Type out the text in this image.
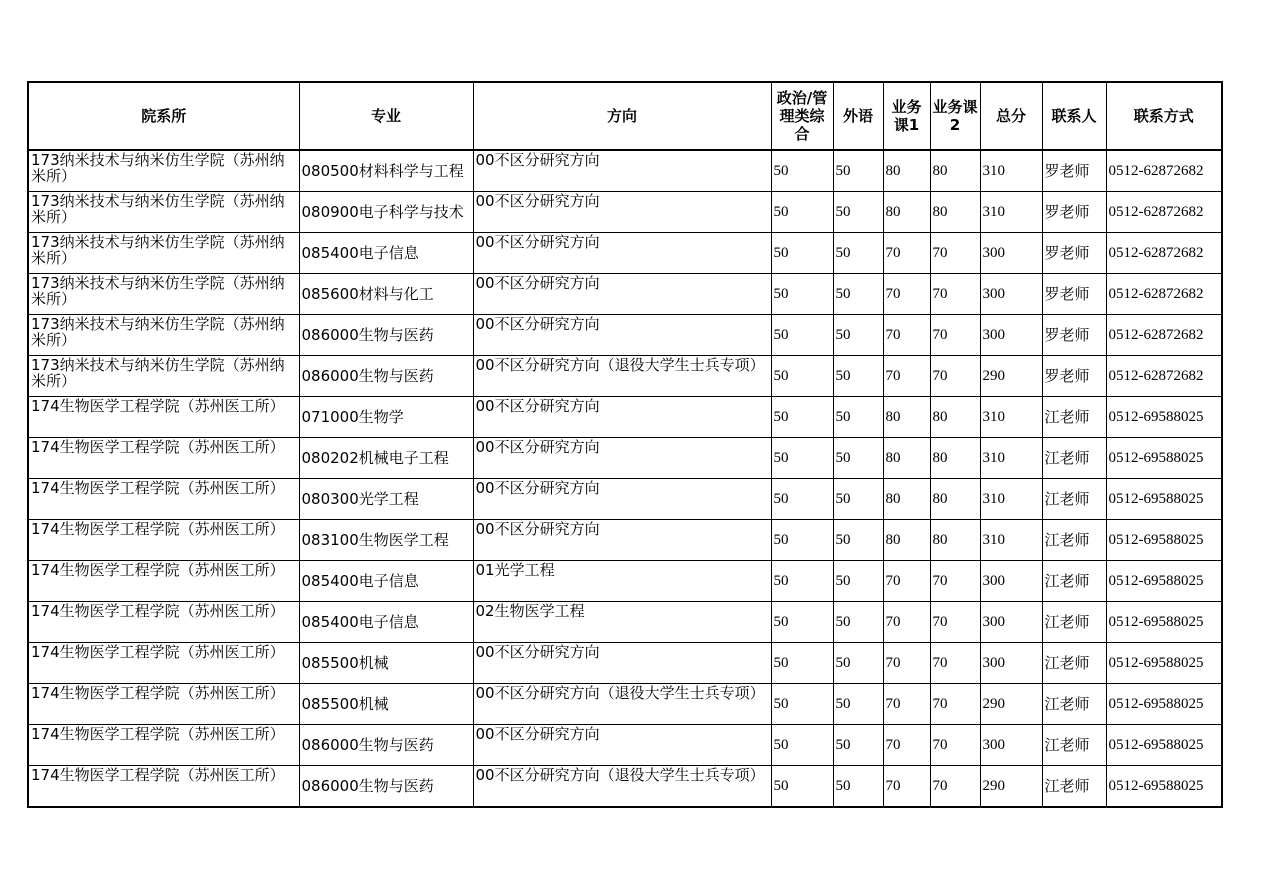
院系所	专业	方向	政治/管理类综合	外语	业务课1	业务课2	总分	联系人	联系方式
173纳米技术与纳米仿生学院（苏州纳米所）	080500材料科学与工程	00不区分研究方向	50	50	80	80	310	罗老师	0512-62872682
173纳米技术与纳米仿生学院（苏州纳米所）	080900电子科学与技术	00不区分研究方向	50	50	80	80	310	罗老师	0512-62872682
173纳米技术与纳米仿生学院（苏州纳米所）	085400电子信息	00不区分研究方向	50	50	70	70	300	罗老师	0512-62872682
173纳米技术与纳米仿生学院（苏州纳米所）	085600材料与化工	00不区分研究方向	50	50	70	70	300	罗老师	0512-62872682
173纳米技术与纳米仿生学院（苏州纳米所）	086000生物与医药	00不区分研究方向	50	50	70	70	300	罗老师	0512-62872682
173纳米技术与纳米仿生学院（苏州纳米所）	086000生物与医药	00不区分研究方向（退役大学生士兵专项）	50	50	70	70	290	罗老师	0512-62872682
174生物医学工程学院（苏州医工所）	071000生物学	00不区分研究方向	50	50	80	80	310	江老师	0512-69588025
174生物医学工程学院（苏州医工所）	080202机械电子工程	00不区分研究方向	50	50	80	80	310	江老师	0512-69588025
174生物医学工程学院（苏州医工所）	080300光学工程	00不区分研究方向	50	50	80	80	310	江老师	0512-69588025
174生物医学工程学院（苏州医工所）	083100生物医学工程	00不区分研究方向	50	50	80	80	310	江老师	0512-69588025
174生物医学工程学院（苏州医工所）	085400电子信息	01光学工程	50	50	70	70	300	江老师	0512-69588025
174生物医学工程学院（苏州医工所）	085400电子信息	02生物医学工程	50	50	70	70	300	江老师	0512-69588025
174生物医学工程学院（苏州医工所）	085500机械	00不区分研究方向	50	50	70	70	300	江老师	0512-69588025
174生物医学工程学院（苏州医工所）	085500机械	00不区分研究方向（退役大学生士兵专项）	50	50	70	70	290	江老师	0512-69588025
174生物医学工程学院（苏州医工所）	086000生物与医药	00不区分研究方向	50	50	70	70	300	江老师	0512-69588025
174生物医学工程学院（苏州医工所）	086000生物与医药	00不区分研究方向（退役大学生士兵专项）	50	50	70	70	290	江老师	0512-69588025
